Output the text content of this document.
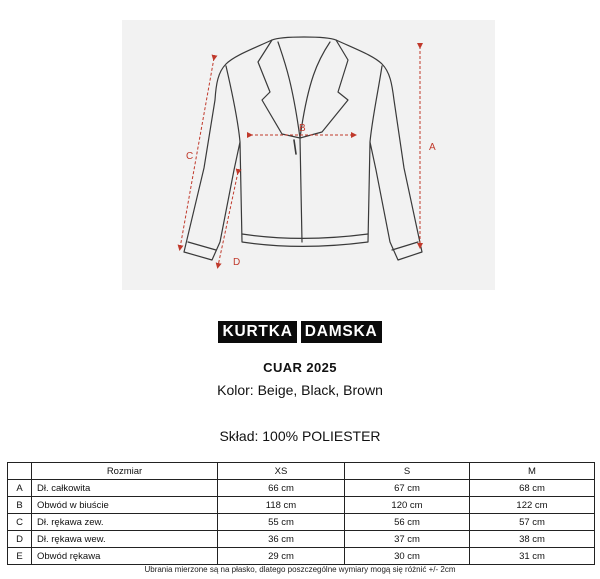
A
B
C
D
KURTKA DAMSKA
CUAR 2025
Kolor: Beige, Black, Brown
Skład: 100% POLIESTER
	Rozmiar	XS	S	M
A	Dł. całkowita	66 cm	67 cm	68 cm
B	Obwód w biuście	118 cm	120 cm	122 cm
C	Dł. rękawa zew.	55 cm	56 cm	57 cm
D	Dł. rękawa wew.	36 cm	37 cm	38 cm
E	Obwód rękawa	29 cm	30 cm	31 cm
Ubrania mierzone są na płasko, dlatego poszczególne wymiary mogą się różnić +/- 2cm
